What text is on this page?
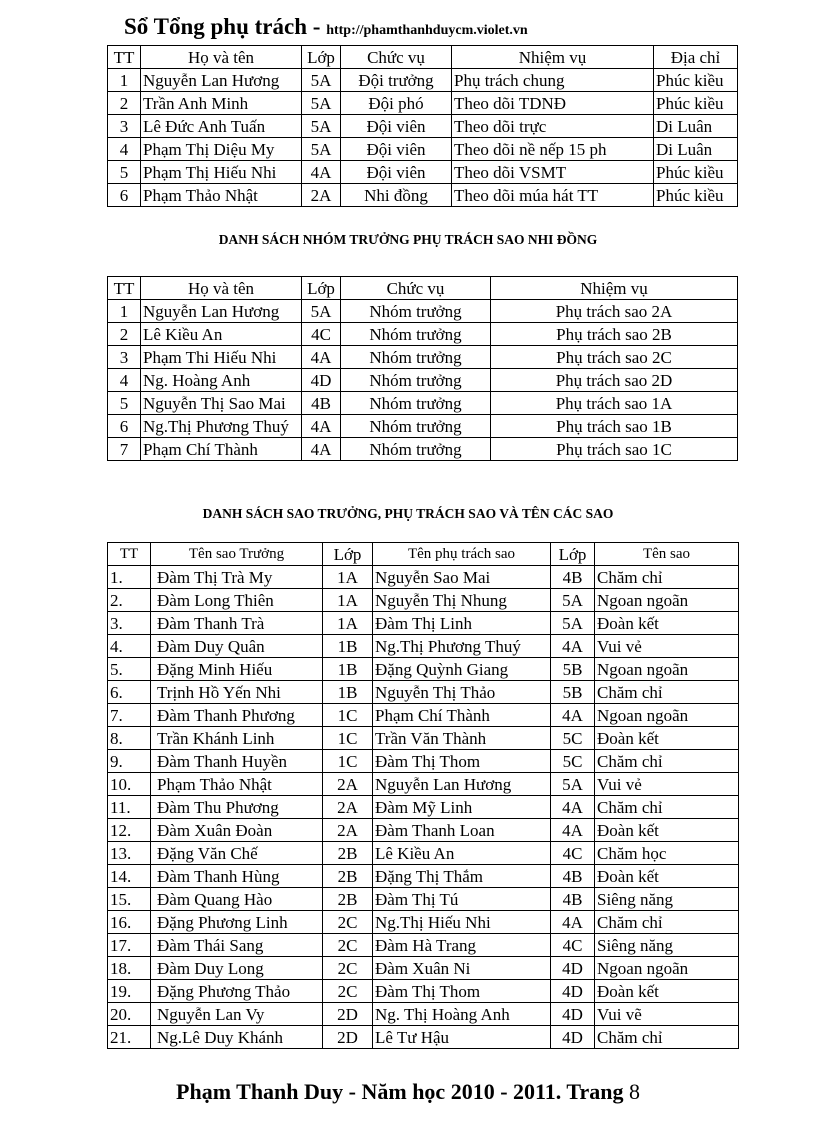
Sổ Tổng phụ trách - http://phamthanhduycm.violet.vn
TT	Họ và tên	Lớp	Chức vụ	Nhiệm vụ	Địa chỉ
1	Nguyễn Lan Hương	5A	Đội trưởng	Phụ trách chung	Phúc kiều
2	Trần Anh Minh	5A	Đội phó	Theo dõi TDNĐ	Phúc kiều
3	Lê Đức Anh Tuấn	5A	Đội viên	Theo dõi trực	Di Luân
4	Phạm Thị Diệu My	5A	Đội viên	Theo dõi nề nếp 15 ph	Di Luân
5	Phạm Thị Hiếu Nhi	4A	Đội viên	Theo dõi VSMT	Phúc kiều
6	Phạm Thảo Nhật	2A	Nhi đồng	Theo dõi múa hát TT	Phúc kiều
DANH SÁCH NHÓM TRƯỞNG PHỤ TRÁCH SAO NHI ĐỒNG
TT	Họ và tên	Lớp	Chức vụ	Nhiệm vụ
1	Nguyễn Lan Hương	5A	Nhóm trưởng	Phụ trách sao 2A
2	Lê Kiều An	4C	Nhóm trưởng	Phụ trách sao 2B
3	Phạm Thi Hiếu Nhi	4A	Nhóm trưởng	Phụ trách sao 2C
4	Ng. Hoàng Anh	4D	Nhóm trưởng	Phụ trách sao 2D
5	Nguyễn Thị Sao Mai	4B	Nhóm trưởng	Phụ trách sao 1A
6	Ng.Thị Phương Thuý	4A	Nhóm trưởng	Phụ trách sao 1B
7	Phạm Chí Thành	4A	Nhóm trưởng	Phụ trách sao 1C
DANH SÁCH SAO TRƯỞNG, PHỤ TRÁCH SAO VÀ TÊN CÁC SAO
TT	Tên sao Trưởng	Lớp	Tên phụ trách sao	Lớp	Tên sao
1.	Đàm Thị Trà My	1A	Nguyễn Sao Mai	4B	Chăm chỉ
2.	Đàm Long Thiên	1A	Nguyễn Thị Nhung	5A	Ngoan ngoãn
3.	Đàm Thanh Trà	1A	Đàm Thị Linh	5A	Đoàn kết
4.	Đàm Duy Quân	1B	Ng.Thị Phương Thuý	4A	Vui vẻ
5.	Đặng Minh Hiếu	1B	Đặng Quỳnh Giang	5B	Ngoan ngoãn
6.	Trịnh Hồ Yến Nhi	1B	Nguyễn Thị Thảo	5B	Chăm chỉ
7.	Đàm Thanh Phương	1C	Phạm Chí Thành	4A	Ngoan ngoãn
8.	Trần Khánh Linh	1C	Trần Văn Thành	5C	Đoàn kết
9.	Đàm Thanh Huyền	1C	Đàm Thị Thom	5C	Chăm chỉ
10.	Phạm Thảo Nhật	2A	Nguyễn Lan Hương	5A	Vui vẻ
11.	Đàm Thu Phương	2A	Đàm Mỹ Linh	4A	Chăm chỉ
12.	Đàm Xuân Đoàn	2A	Đàm Thanh Loan	4A	Đoàn kết
13.	Đặng Văn Chế	2B	Lê Kiều An	4C	Chăm học
14.	Đàm Thanh Hùng	2B	Đặng Thị Thắm	4B	Đoàn kết
15.	Đàm Quang Hào	2B	Đàm Thị Tú	4B	Siêng năng
16.	Đặng Phương Linh	2C	Ng.Thị Hiếu Nhi	4A	Chăm chỉ
17.	Đàm Thái Sang	2C	Đàm Hà Trang	4C	Siêng năng
18.	Đàm Duy Long	2C	Đàm Xuân Ni	4D	Ngoan ngoãn
19.	Đặng Phương Thảo	2C	Đàm Thị Thom	4D	Đoàn kết
20.	Nguyễn Lan Vy	2D	Ng. Thị Hoàng Anh	4D	Vui vẽ
21.	Ng.Lê Duy Khánh	2D	Lê Tư Hậu	4D	Chăm chỉ
Phạm Thanh Duy - Năm học 2010 - 2011. Trang 8
